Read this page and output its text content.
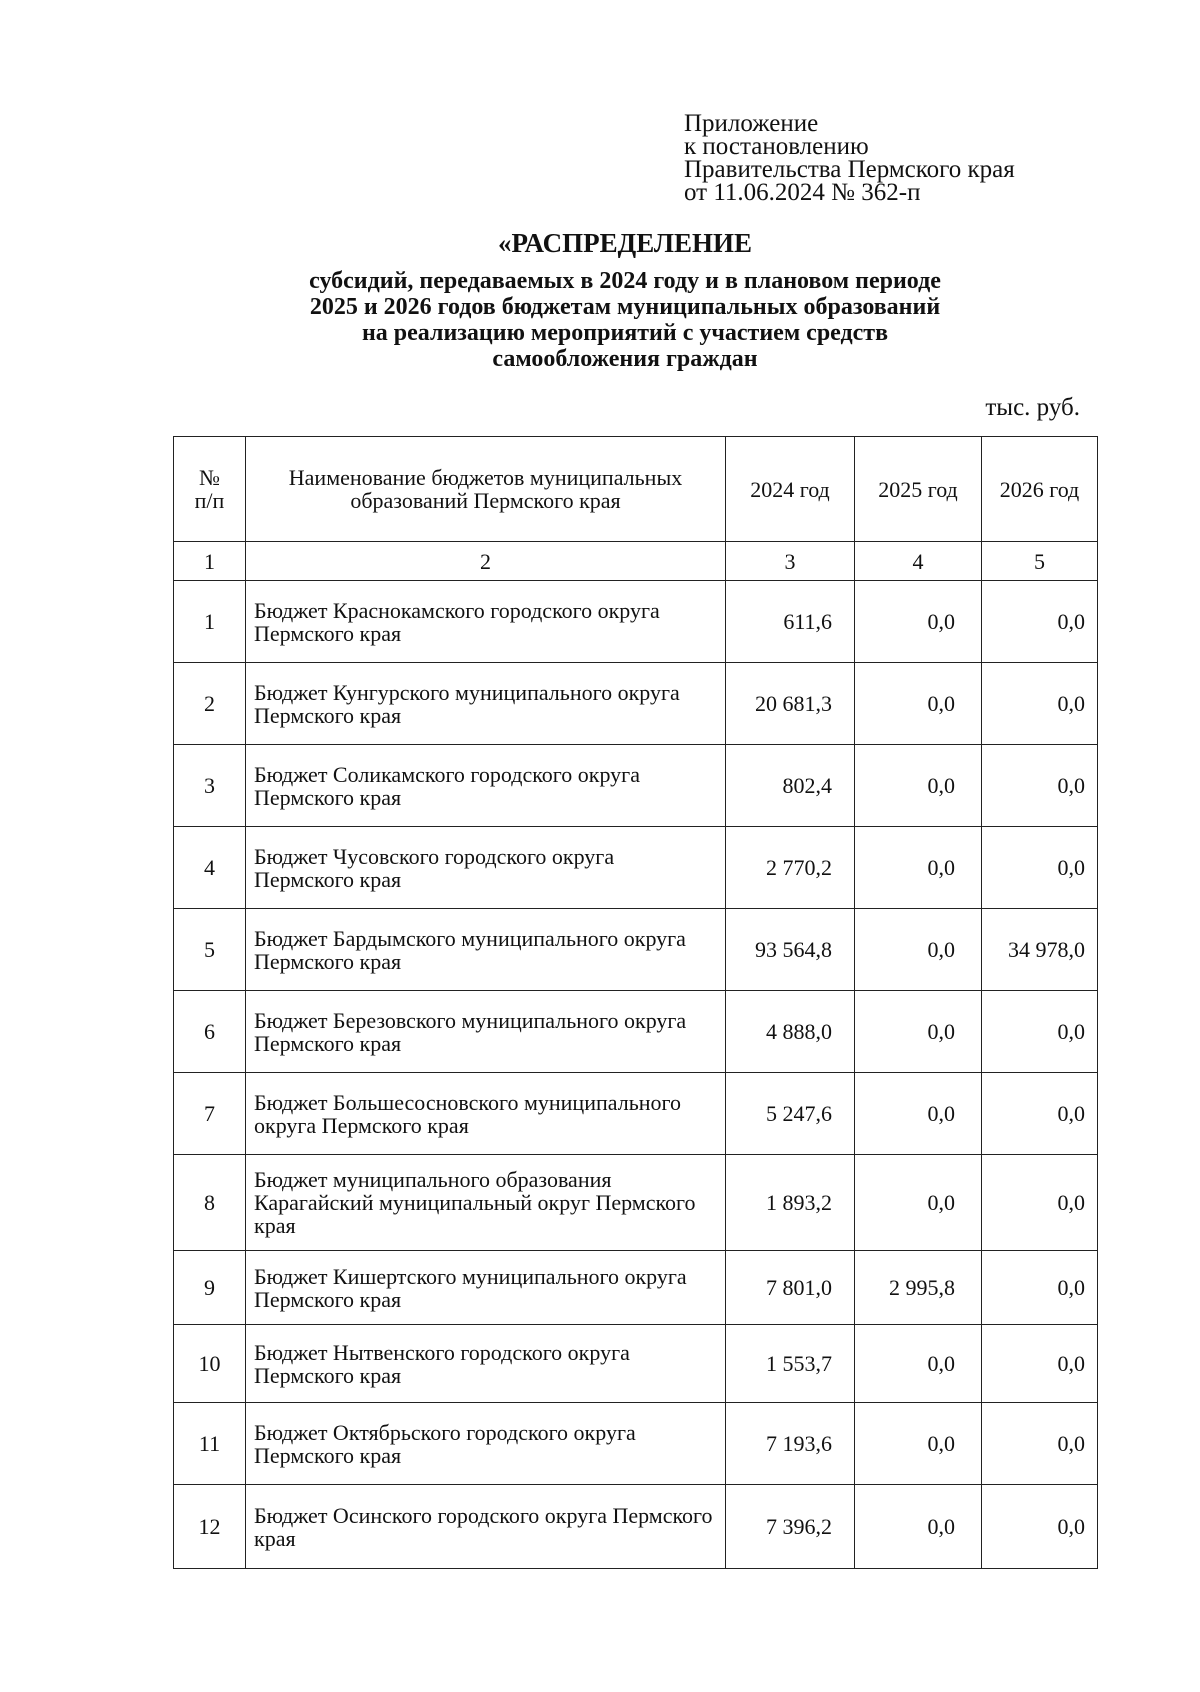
Приложение
к постановлению
Правительства Пермского края
от 11.06.2024 № 362-п
«РАСПРЕДЕЛЕНИЕ
субсидий, передаваемых в 2024 году и в плановом периоде
2025 и 2026 годов бюджетам муниципальных образований
на реализацию мероприятий с участием средств
самообложения граждан
тыс. руб.
№
п/п	Наименование бюджетов муниципальных образований Пермского края	2024 год	2025 год	2026 год
1	2	3	4	5
1	Бюджет Краснокамского городского округа Пермского края	611,6	0,0	0,0
2	Бюджет Кунгурского муниципального округа Пермского края	20 681,3	0,0	0,0
3	Бюджет Соликамского городского округа Пермского края	802,4	0,0	0,0
4	Бюджет Чусовского городского округа Пермского края	2 770,2	0,0	0,0
5	Бюджет Бардымского муниципального округа Пермского края	93 564,8	0,0	34 978,0
6	Бюджет Березовского муниципального округа Пермского края	4 888,0	0,0	0,0
7	Бюджет Большесосновского муниципального округа Пермского края	5 247,6	0,0	0,0
8	Бюджет муниципального образования Карагайский муниципальный округ Пермского края	1 893,2	0,0	0,0
9	Бюджет Кишертского муниципального округа Пермского края	7 801,0	2 995,8	0,0
10	Бюджет Нытвенского городского округа Пермского края	1 553,7	0,0	0,0
11	Бюджет Октябрьского городского округа Пермского края	7 193,6	0,0	0,0
12	Бюджет Осинского городского округа Пермского края	7 396,2	0,0	0,0
